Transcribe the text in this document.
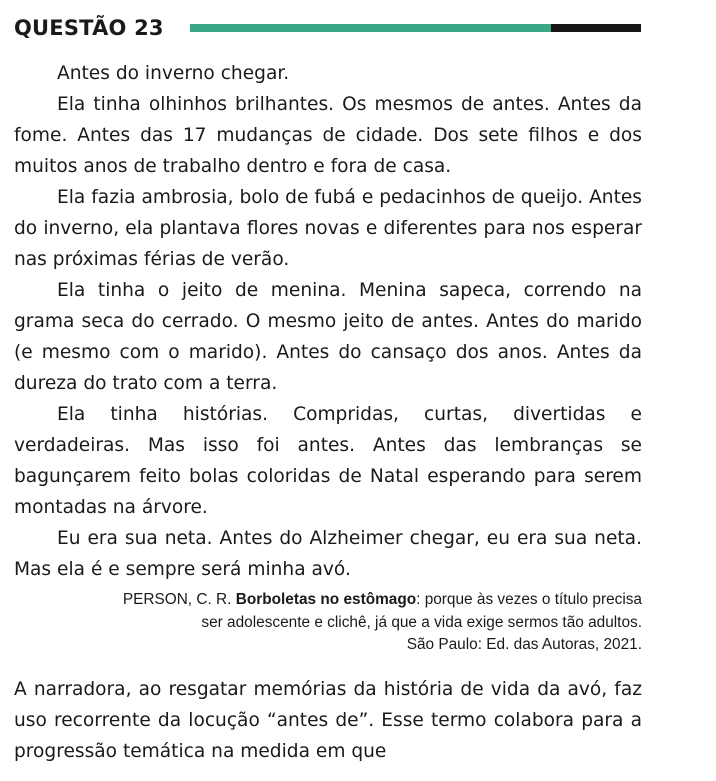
QUESTÃO 23

Antes do inverno chegar.

Ela tinha olhinhos brilhantes. Os mesmos de antes. Antes da fome. Antes das 17 mudanças de cidade. Dos sete filhos e dos muitos anos de trabalho dentro e fora de casa.

Ela fazia ambrosia, bolo de fubá e pedacinhos de queijo. Antes do inverno, ela plantava flores novas e diferentes para nos esperar nas próximas férias de verão.

Ela tinha o jeito de menina. Menina sapeca, correndo na grama seca do cerrado. O mesmo jeito de antes. Antes do marido (e mesmo com o marido). Antes do cansaço dos anos. Antes da dureza do trato com a terra.

Ela tinha histórias. Compridas, curtas, divertidas e verdadeiras. Mas isso foi antes. Antes das lembranças se bagunçarem feito bolas coloridas de Natal esperando para serem montadas na árvore.

Eu era sua neta. Antes do Alzheimer chegar, eu era sua neta. Mas ela é e sempre será minha avó.

PERSON, C. R. Borboletas no estômago: porque às vezes o título precisa
ser adolescente e clichê, já que a vida exige sermos tão adultos.
São Paulo: Ed. das Autoras, 2021.

A narradora, ao resgatar memórias da história de vida da avó, faz uso recorrente da locução “antes de”. Esse termo colabora para a progressão temática na medida em que
